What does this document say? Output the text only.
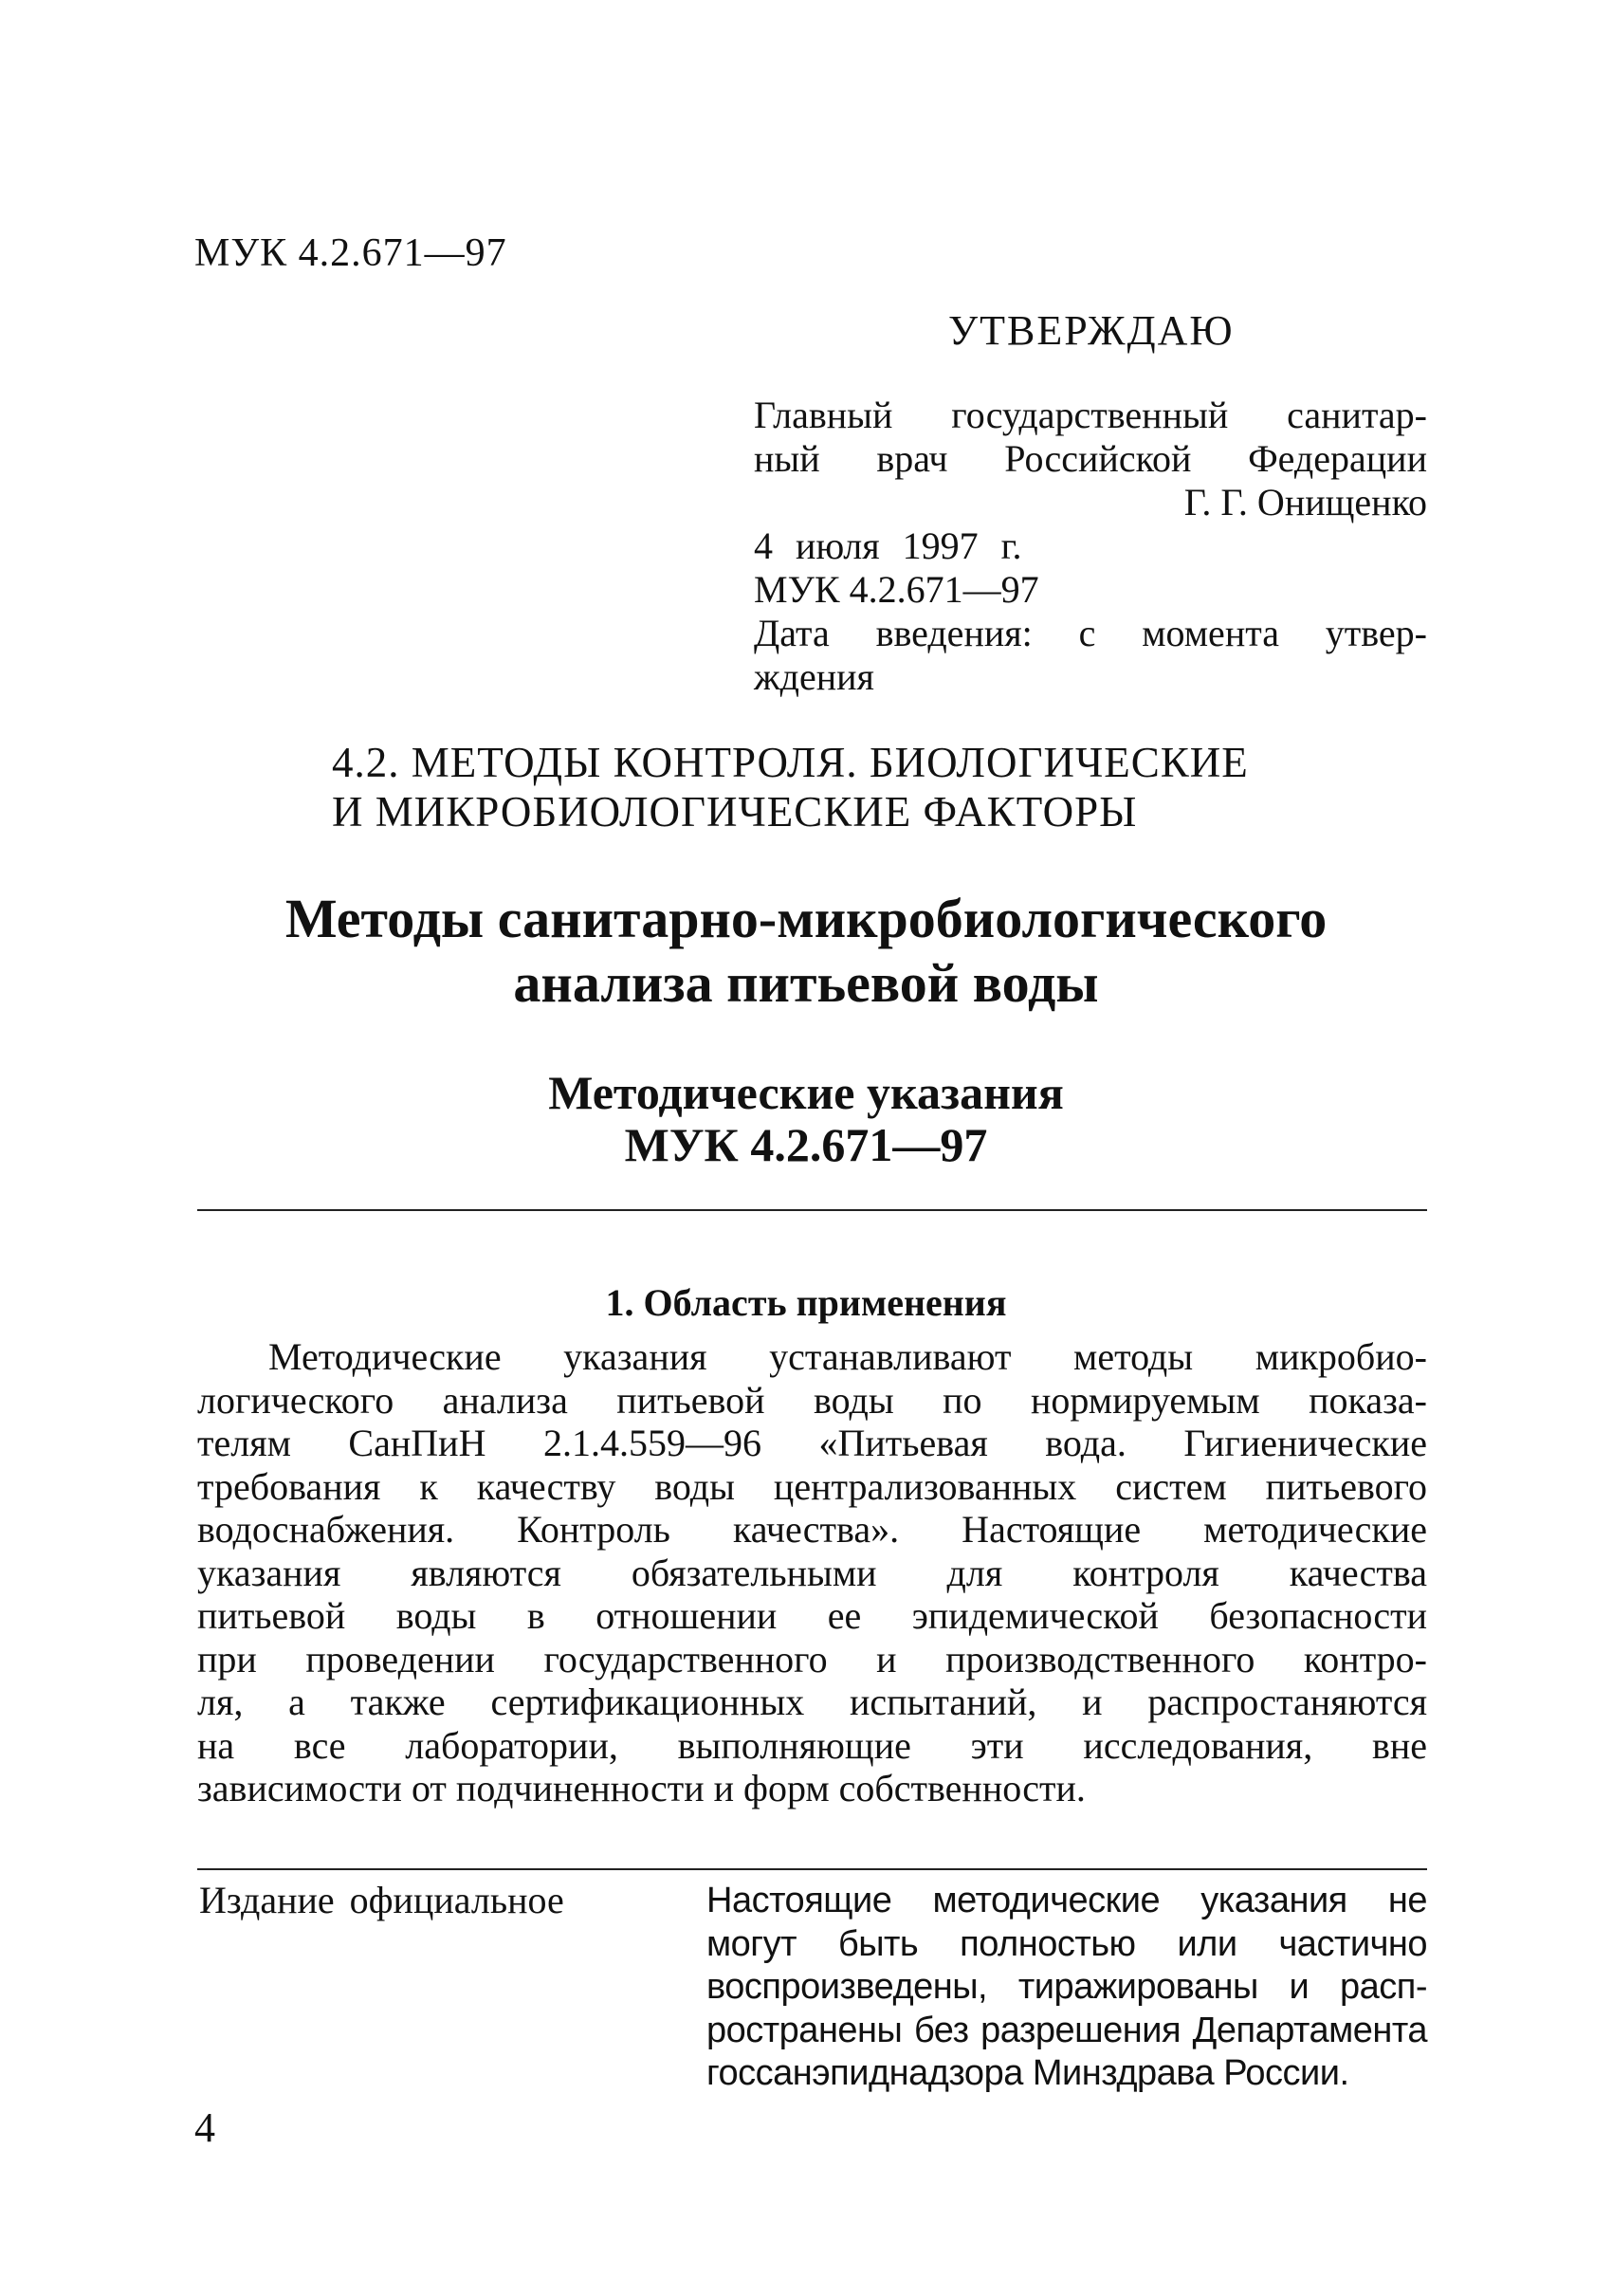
МУК 4.2.671—97
УТВЕРЖДАЮ
Главный государственный санитар-
ный врач Российской Федерации
Г. Г. Онищенко
4 июля 1997 г.
МУК 4.2.671—97
Дата введения: с момента утвер-
ждения
4.2. МЕТОДЫ КОНТРОЛЯ. БИОЛОГИЧЕСКИЕ
И МИКРОБИОЛОГИЧЕСКИЕ ФАКТОРЫ
Методы санитарно-микробиологического
анализа питьевой воды
Методические указания
МУК 4.2.671—97
1. Область применения
Методические указания устанавливают методы микробио-
логического анализа питьевой воды по нормируемым показа-
телям СанПиН 2.1.4.559—96 «Питьевая вода. Гигиенические
требования к качеству воды централизованных систем питьевого
водоснабжения. Контроль качества». Настоящие методические
указания являются обязательными для контроля качества
питьевой воды в отношении ее эпидемической безопасности
при проведении государственного и производственного контро-
ля, а также сертификационных испытаний, и распростаняются
на все лаборатории, выполняющие эти исследования, вне
зависимости от подчиненности и форм собственности.
Издание официальное	Настоящие методические указания не
могут быть полностью или частично
воспроизведены, тиражированы и расп-
ространены без разрешения Департамента
госсанэпиднадзора Минздрава России.
4
